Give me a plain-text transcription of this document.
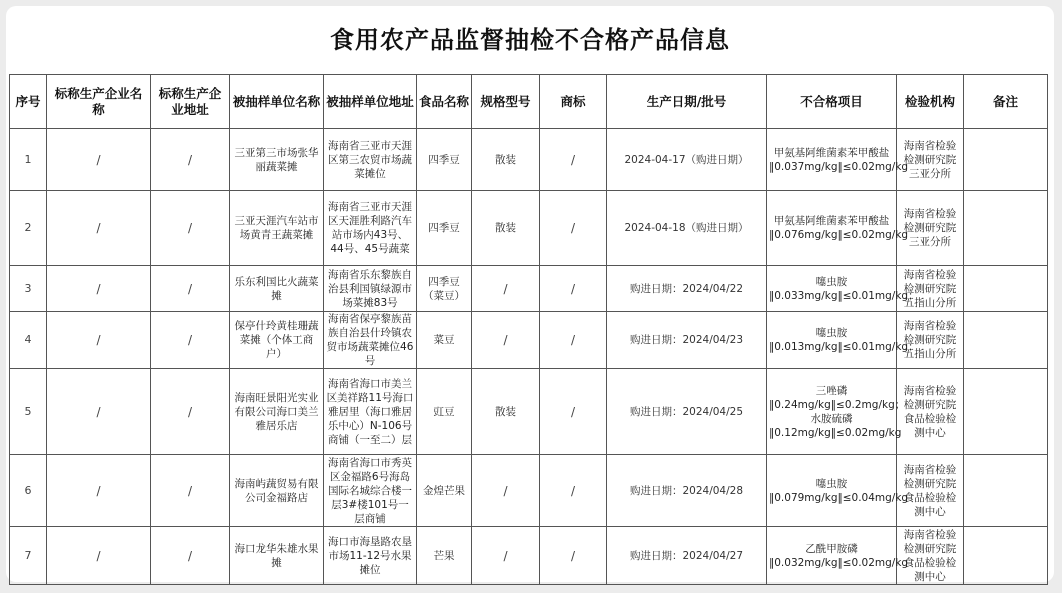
食用农产品监督抽检不合格产品信息
序号	标称生产企业名称	标称生产企业地址	被抽样单位名称	被抽样单位地址	食品名称	规格型号	商标	生产日期/批号	不合格项目	检验机构	备注
1	/	/	三亚第三市场张华丽蔬菜摊	海南省三亚市天涯区第三农贸市场蔬菜摊位	四季豆	散装	/	2024-04-17（购进日期）	甲氨基阿维菌素苯甲酸盐‖0.037mg/kg‖≤0.02mg/kg	海南省检验检测研究院三亚分所	
2	/	/	三亚天涯汽车站市场黄青王蔬菜摊	海南省三亚市天涯区天涯胜利路汽车站市场内43号、44号、45号蔬菜	四季豆	散装	/	2024-04-18（购进日期）	甲氨基阿维菌素苯甲酸盐‖0.076mg/kg‖≤0.02mg/kg	海南省检验检测研究院三亚分所	
3	/	/	乐东利国比火蔬菜摊	海南省乐东黎族自治县利国镇绿源市场菜摊83号	四季豆（菜豆）	/	/	购进日期：2024/04/22	噻虫胺‖0.033mg/kg‖≤0.01mg/kg；	海南省检验检测研究院五指山分所	
4	/	/	保亭什玲黄桂珊蔬菜摊（个体工商户）	海南省保亭黎族苗族自治县什玲镇农贸市场蔬菜摊位46号	菜豆	/	/	购进日期：2024/04/23	噻虫胺‖0.013mg/kg‖≤0.01mg/kg；	海南省检验检测研究院五指山分所	
5	/	/	海南旺景阳光实业有限公司海口美兰雅居乐店	海南省海口市美兰区美祥路11号海口雅居里（海口雅居乐中心）N-106号商铺（一至二）层	豇豆	散装	/	购进日期：2024/04/25	三唑磷‖0.24mg/kg‖≤0.2mg/kg；水胺硫磷‖0.12mg/kg‖≤0.02mg/kg	海南省检验检测研究院食品检验检测中心	
6	/	/	海南屿蔬贸易有限公司金福路店	海南省海口市秀英区金福路6号海岛国际名城综合楼一层3#楼101号一层商铺	金煌芒果	/	/	购进日期：2024/04/28	噻虫胺‖0.079mg/kg‖≤0.04mg/kg	海南省检验检测研究院食品检验检测中心	
7	/	/	海口龙华朱雄水果摊	海口市海垦路农垦市场11-12号水果摊位	芒果	/	/	购进日期：2024/04/27	乙酰甲胺磷‖0.032mg/kg‖≤0.02mg/kg	海南省检验检测研究院食品检验检测中心	
